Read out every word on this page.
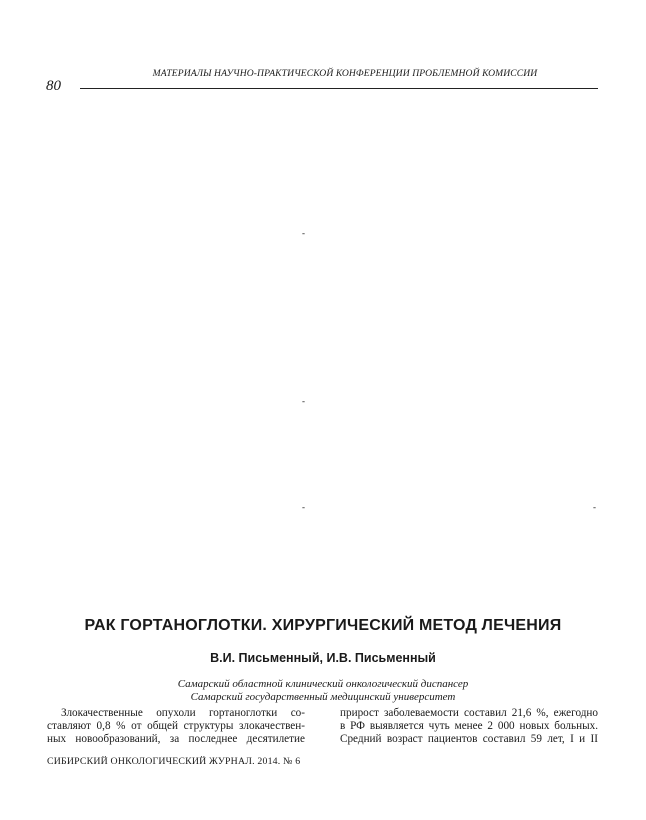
МАТЕРИАЛЫ НАУЧНО-ПРАКТИЧЕСКОЙ КОНФЕРЕНЦИИ ПРОБЛЕМНОЙ КОМИССИИ
80
-
-
-	-
РАК ГОРТАНОГЛОТКИ. ХИРУРГИЧЕСКИЙ МЕТОД ЛЕЧЕНИЯ
В.И. Письменный, И.В. Письменный
Самарский областной клинический онкологический диспансер
Самарский государственный медицинский университет
Злокачественные опухоли гортаноглотки со-
ставляют 0,8 % от общей структуры злокачествен-
ных новообразований, за последнее десятилетие
прирост заболеваемости составил 21,6 %, ежегодно
в РФ выявляется чуть менее 2 000 новых больных.
Средний возраст пациентов составил 59 лет, I и II
СИБИРСКИЙ ОНКОЛОГИЧЕСКИЙ ЖУРНАЛ. 2014. № 6
